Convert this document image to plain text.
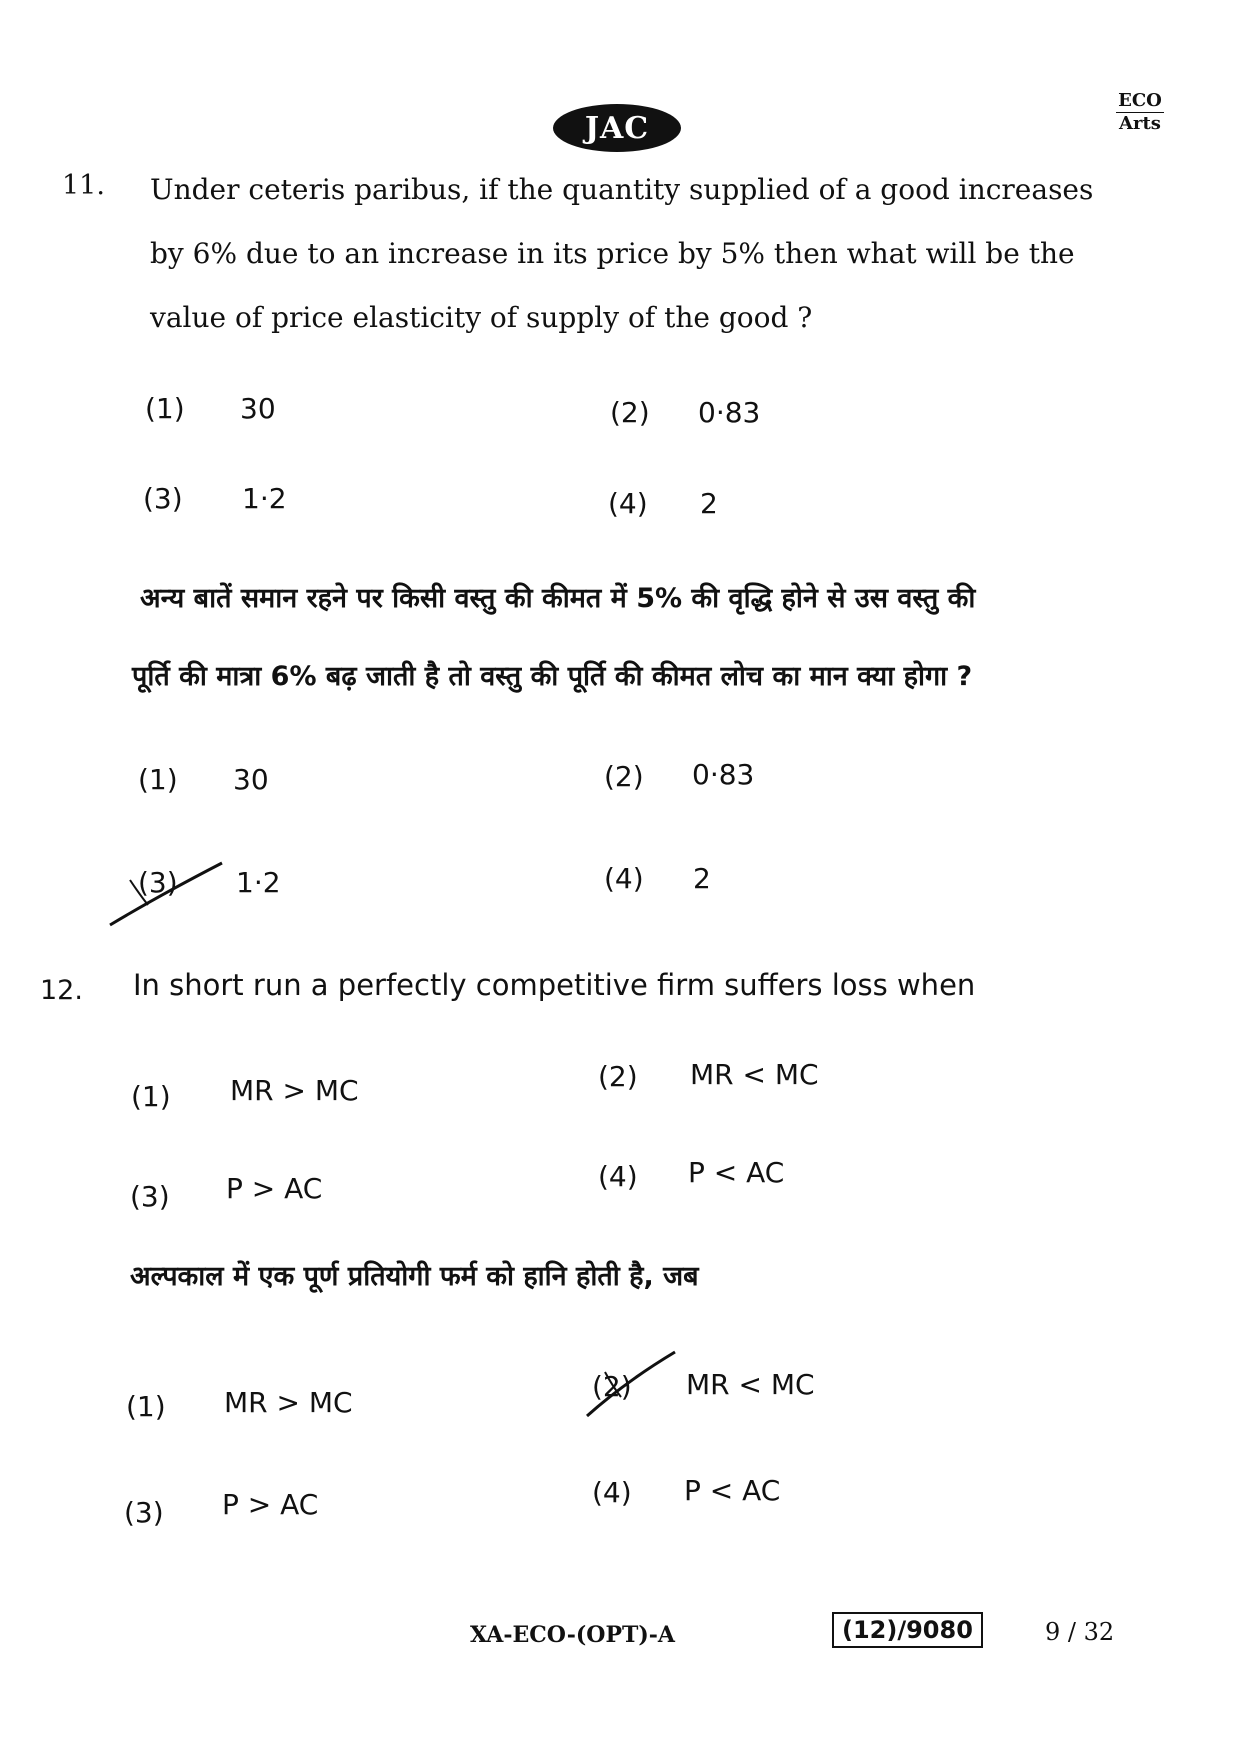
JAC
ECO
Arts
11. Under ceteris paribus, if the quantity supplied of a good increases
by 6% due to an increase in its price by 5% then what will be the
value of price elasticity of supply of the good ?
(1) 30	(2) 0·83
(3) 1·2	(4) 2
अन्य बातें समान रहने पर किसी वस्तु की कीमत में 5% की वृद्धि होने से उस वस्तु की
पूर्ति की मात्रा 6% बढ़ जाती है तो वस्तु की पूर्ति की कीमत लोच का मान क्या होगा ?
(1) 30	(2) 0·83
(3) 1·2	(4) 2
12. In short run a perfectly competitive firm suffers loss when
(1) MR > MC	(2) MR < MC
(3) P > AC	(4) P < AC
अल्पकाल में एक पूर्ण प्रतियोगी फर्म को हानि होती है, जब
(1) MR > MC	(2) MR < MC
(3) P > AC	(4) P < AC
XA-ECO-(OPT)-A	(12)/9080	9 / 32
